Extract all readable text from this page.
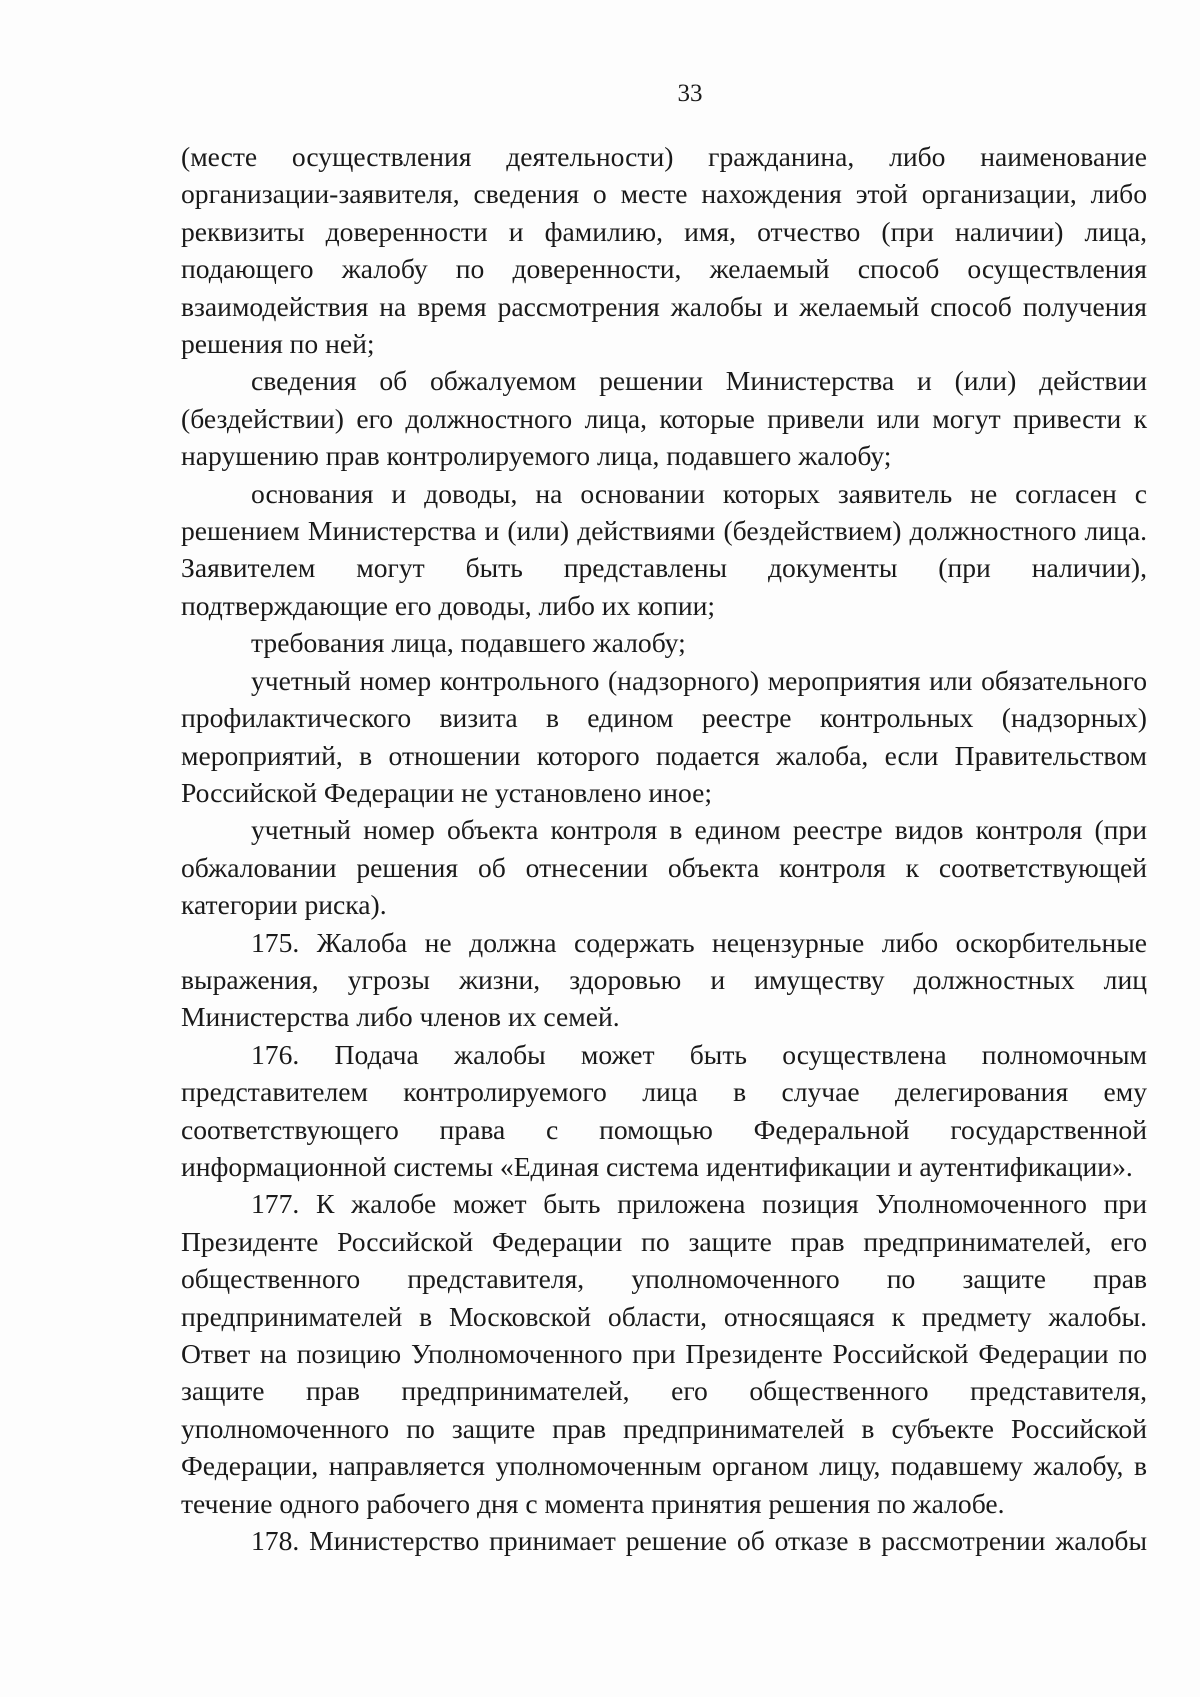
33

(месте осуществления деятельности) гражданина, либо наименование организации-заявителя, сведения о месте нахождения этой организации, либо реквизиты доверенности и фамилию, имя, отчество (при наличии) лица, подающего жалобу по доверенности, желаемый способ осуществления взаимодействия на время рассмотрения жалобы и желаемый способ получения решения по ней;

сведения об обжалуемом решении Министерства и (или) действии (бездействии) его должностного лица, которые привели или могут привести к нарушению прав контролируемого лица, подавшего жалобу;

основания и доводы, на основании которых заявитель не согласен с решением Министерства и (или) действиями (бездействием) должностного лица. Заявителем могут быть представлены документы (при наличии), подтверждающие его доводы, либо их копии;

требования лица, подавшего жалобу;

учетный номер контрольного (надзорного) мероприятия или обязательного профилактического визита в едином реестре контрольных (надзорных) мероприятий, в отношении которого подается жалоба, если Правительством Российской Федерации не установлено иное;

учетный номер объекта контроля в едином реестре видов контроля (при обжаловании решения об отнесении объекта контроля к соответствующей категории риска).

175. Жалоба не должна содержать нецензурные либо оскорбительные выражения, угрозы жизни, здоровью и имуществу должностных лиц Министерства либо членов их семей.

176. Подача жалобы может быть осуществлена полномочным представителем контролируемого лица в случае делегирования ему соответствующего права с помощью Федеральной государственной информационной системы «Единая система идентификации и аутентификации».

177. К жалобе может быть приложена позиция Уполномоченного при Президенте Российской Федерации по защите прав предпринимателей, его общественного представителя, уполномоченного по защите прав предпринимателей в Московской области, относящаяся к предмету жалобы. Ответ на позицию Уполномоченного при Президенте Российской Федерации по защите прав предпринимателей, его общественного представителя, уполномоченного по защите прав предпринимателей в субъекте Российской Федерации, направляется уполномоченным органом лицу, подавшему жалобу, в течение одного рабочего дня с момента принятия решения по жалобе.

178. Министерство принимает решение об отказе в рассмотрении жалобы
